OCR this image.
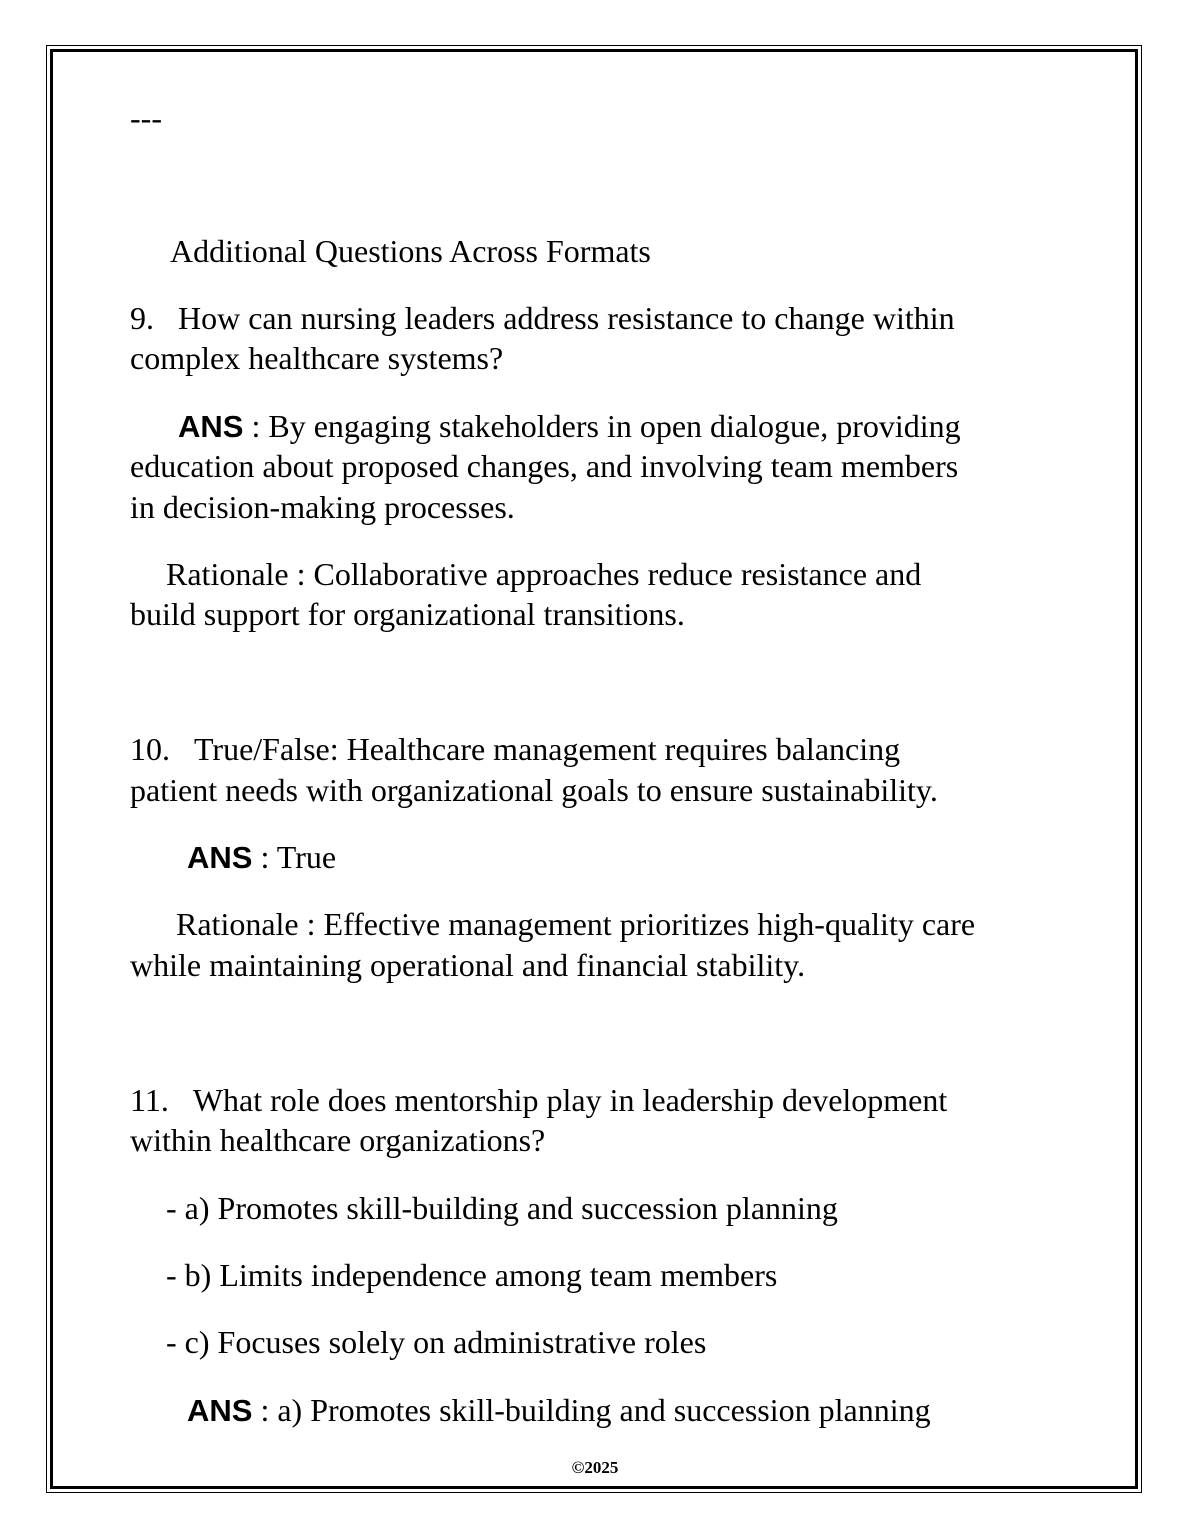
---

Additional Questions Across Formats

9. How can nursing leaders address resistance to change within

complex healthcare systems?

ANS : By engaging stakeholders in open dialogue, providing

education about proposed changes, and involving team members

in decision-making processes.

Rationale : Collaborative approaches reduce resistance and

build support for organizational transitions.

10. True/False: Healthcare management requires balancing

patient needs with organizational goals to ensure sustainability.

ANS : True

Rationale : Effective management prioritizes high-quality care

while maintaining operational and financial stability.

11. What role does mentorship play in leadership development

within healthcare organizations?

- a) Promotes skill-building and succession planning

- b) Limits independence among team members

- c) Focuses solely on administrative roles

ANS : a) Promotes skill-building and succession planning

©2025
